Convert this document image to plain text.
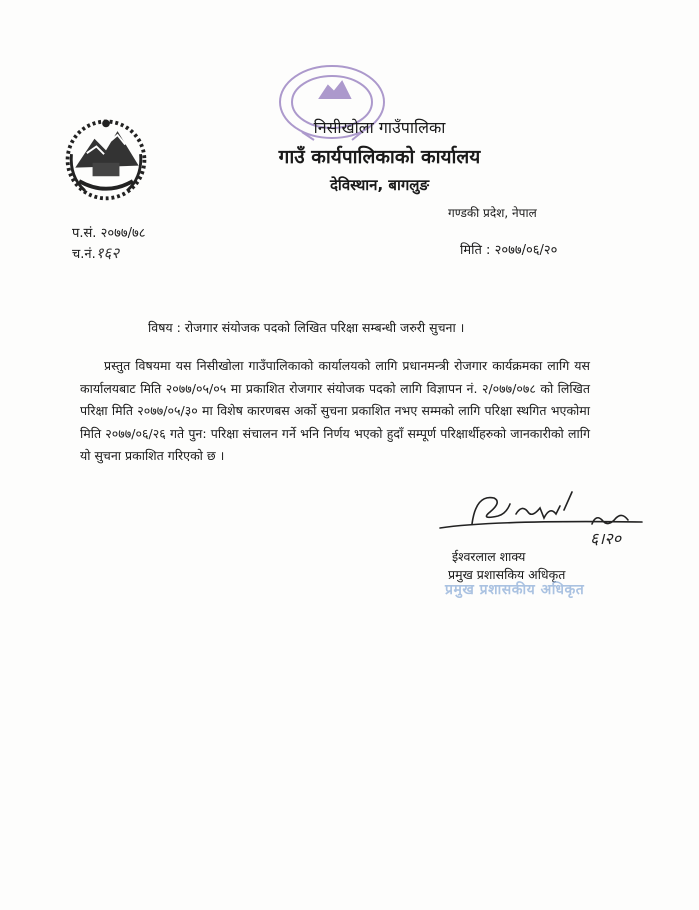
निसीखोला गाउँपालिका
गाउँ कार्यपालिकाको कार्यालय
देविस्थान, बागलुङ
गण्डकी प्रदेश, नेपाल
प.सं. २०७७/७८
च.नं.१६२	मिति : २०७७/०६/२०
विषय : रोजगार संयोजक पदको लिखित परिक्षा सम्बन्धी जरुरी सुचना ।
प्रस्तुत विषयमा यस निसीखोला गाउँपालिकाको कार्यालयको लागि प्रधानमन्त्री रोजगार कार्यक्रमका लागि यस कार्यालयबाट मिति २०७७/०५/०५ मा प्रकाशित रोजगार संयोजक पदको लागि विज्ञापन नं. २/०७७/०७८ को लिखित परिक्षा मिति २०७७/०५/३० मा विशेष कारणबस अर्को सुचना प्रकाशित नभए सम्मको लागि परिक्षा स्थगित भएकोमा मिति २०७७/०६/२६ गते पुन: परिक्षा संचालन गर्ने भनि निर्णय भएको हुदाँ सम्पूर्ण परिक्षार्थीहरुको जानकारीको लागि यो सुचना प्रकाशित गरिएको छ ।
६।२०
ईश्वरलाल शाक्य
प्रमुख प्रशासकिय अधिकृत
प्रमुख प्रशासकीय अधिकृत
